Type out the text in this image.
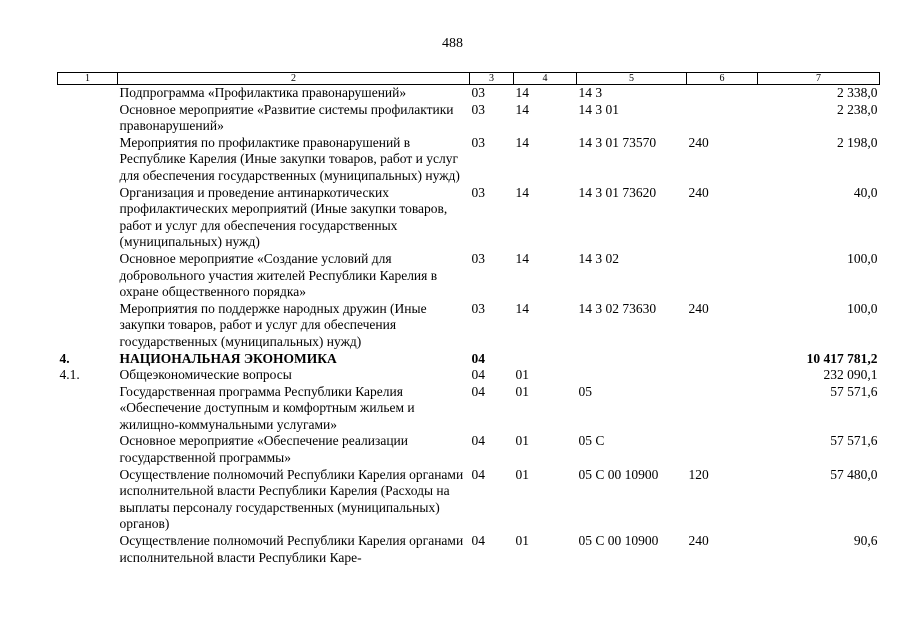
488
1	2	3	4	5	6	7
	Подпрограмма «Профилактика правонарушений»	03	14	14 3		2 338,0
	Основное мероприятие «Развитие системы профилактики правонарушений»	03	14	14 3 01		2 238,0
	Мероприятия по профилактике правонарушений в Республике Карелия (Иные закупки товаров, работ и услуг для обеспечения государственных (муниципальных) нужд)	03	14	14 3 01 73570	240	2 198,0
	Организация и проведение антинаркотических профилактических мероприятий (Иные закупки товаров, работ и услуг для обеспечения государственных (муниципальных) нужд)	03	14	14 3 01 73620	240	40,0
	Основное мероприятие «Создание условий для добровольного участия жителей Республики Карелия в охране общественного порядка»	03	14	14 3 02		100,0
	Мероприятия по поддержке народных дружин (Иные закупки товаров, работ и услуг для обеспечения государственных (муниципальных) нужд)	03	14	14 3 02 73630	240	100,0
4.	НАЦИОНАЛЬНАЯ ЭКОНОМИКА	04				10 417 781,2
4.1.	Общеэкономические вопросы	04	01			232 090,1
	Государственная программа Республики Карелия «Обеспечение доступным и комфортным жильем и жилищно-коммунальными услугами»	04	01	05		57 571,6
	Основное мероприятие «Обеспечение реализации государственной программы»	04	01	05 С		57 571,6
	Осуществление полномочий Республики Карелия органами исполнительной власти Республики Карелия (Расходы на выплаты персоналу государственных (муниципальных) органов)	04	01	05 С 00 10900	120	57 480,0
	Осуществление полномочий Республики Карелия органами исполнительной власти Республики Каре-	04	01	05 С 00 10900	240	90,6
